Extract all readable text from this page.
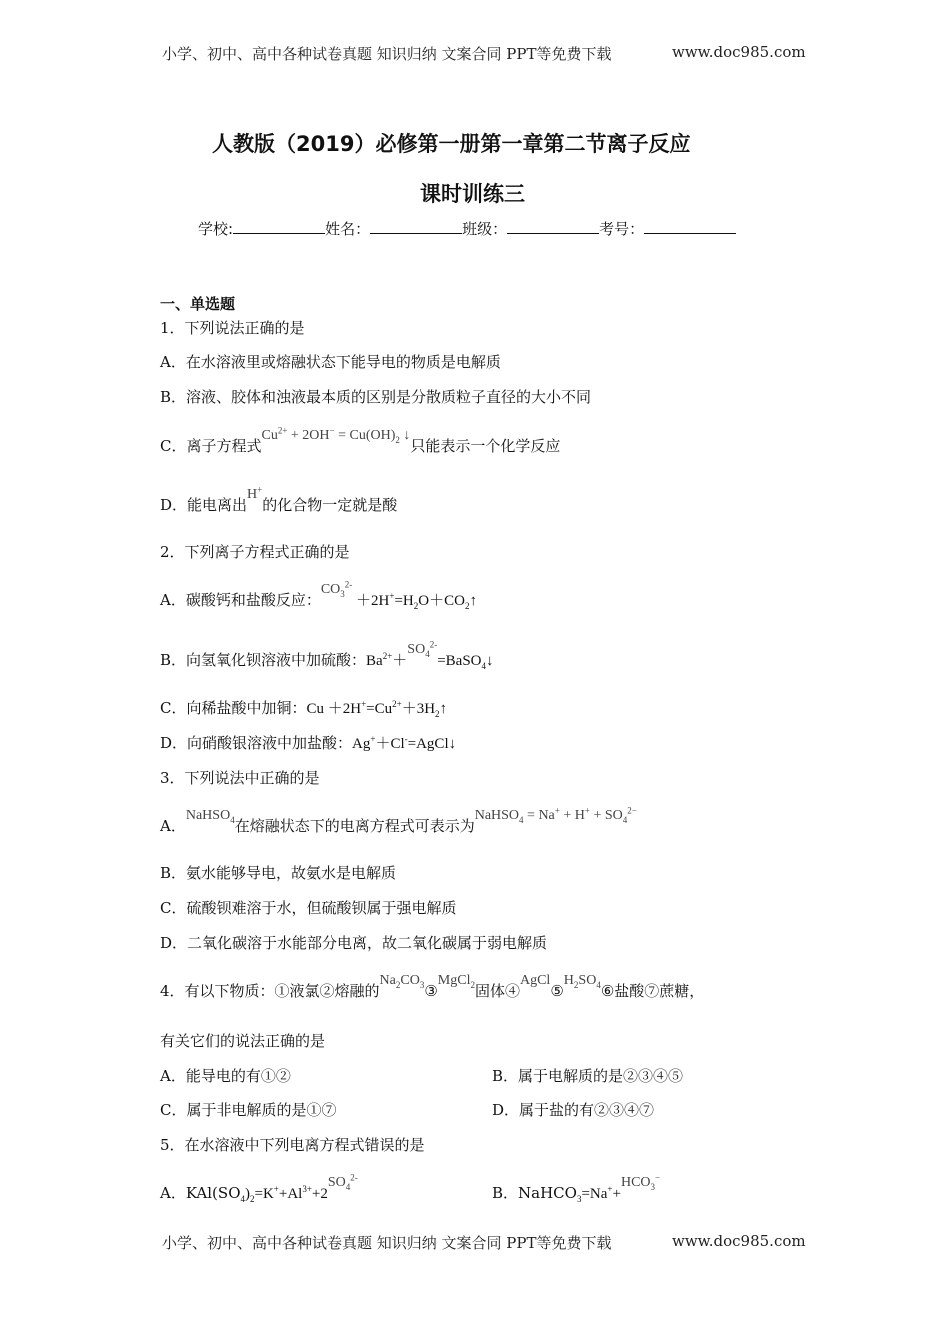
小学、初中、高中各种试卷真题 知识归纳 文案合同 PPT等免费下载	www.doc985.com
人教版（2019）必修第一册第一章第二节离子反应
课时训练三
学校:	姓名：	班级：	考号：
一、单选题
1．下列说法正确的是
A．在水溶液里或熔融状态下能导电的物质是电解质
B．溶液、胶体和浊液最本质的区别是分散质粒子直径的大小不同
C．离子方程式$Cu^{2+} + 2OH^- = Cu(OH)_2$ ↓只能表示一个化学反应
D．能电离出H+的化合物一定就是酸
2．下列离子方程式正确的是
A．碳酸钙和盐酸反应：$CO_3^{2-}$ $+2H^+=H_2O+CO_2↑$
B．向氢氧化钡溶液中加硫酸：$Ba^{2+}+SO_4^{2-}=BaSO_4↓$
C．向稀盐酸中加铜：$Cu +2H^+=Cu^{2+}+3H_2↑$
D．向硝酸银溶液中加盐酸：Ag+＋Cl-=AgCl↓
3．下列说法中正确的是
A．NaHSO$_4$在熔融状态下的电离方程式可表示为NaHSO$_4$ = $Na^+ + H^+ + SO_4^{2-}$
B．氨水能够导电，故氨水是电解质
C．硫酸钡难溶于水，但硫酸钡属于强电解质
D．二氧化碳溶于水能部分电离，故二氧化碳属于弱电解质
4．有以下物质：①液氯②熔融的$Na_2CO_3③MgCl_2$固体$④AgCl⑤H_2SO_4⑥$盐酸⑦蔗糖，
有关它们的说法正确的是
A．能导电的有①②	B．属于电解质的是②③④⑤
C．属于非电解质的是①⑦	D．属于盐的有②③④⑦
5．在水溶液中下列电离方程式错误的是
A．$KAl(SO_4)_2=K^++Al^{3+}+2SO_4^{2-}$
B．$NaHCO_3=Na^++HCO_3^-$
小学、初中、高中各种试卷真题 知识归纳 文案合同 PPT等免费下载	www.doc985.com
